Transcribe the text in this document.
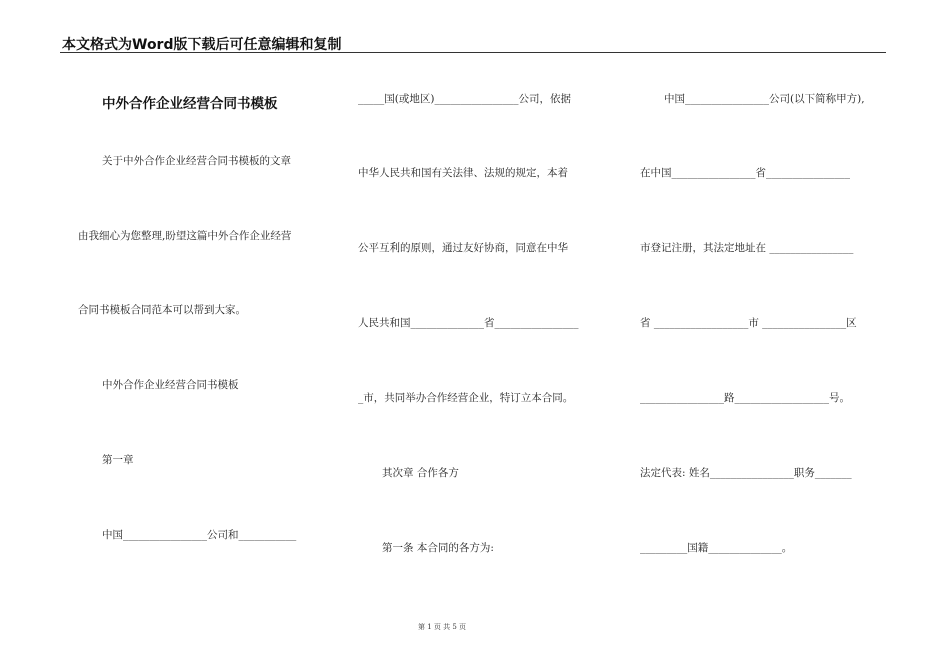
本文格式为Word版下载后可任意编辑和复制
中外合作企业经营合同书模板
关于中外合作企业经营合同书模板的文章
由我细心为您整理,盼望这篇中外合作企业经营
合同书模板合同范本可以帮到大家。
中外合作企业经营合同书模板
第一章
中国________________公司和___________
_____国(或地区)________________公司，依据
中华人民共和国有关法律、法规的规定，本着
公平互利的原则，通过友好协商，同意在中华
人民共和国______________省________________
_市，共同举办合作经营企业，特订立本合同。
其次章 合作各方
第一条 本合同的各方为:
中国________________公司(以下简称甲方),
在中国________________省________________
市登记注册，其法定地址在 ________________
省 __________________市 ________________区
________________路__________________号。
法定代表: 姓名________________职务_______
_________国籍______________。
第 1 页 共 5 页
